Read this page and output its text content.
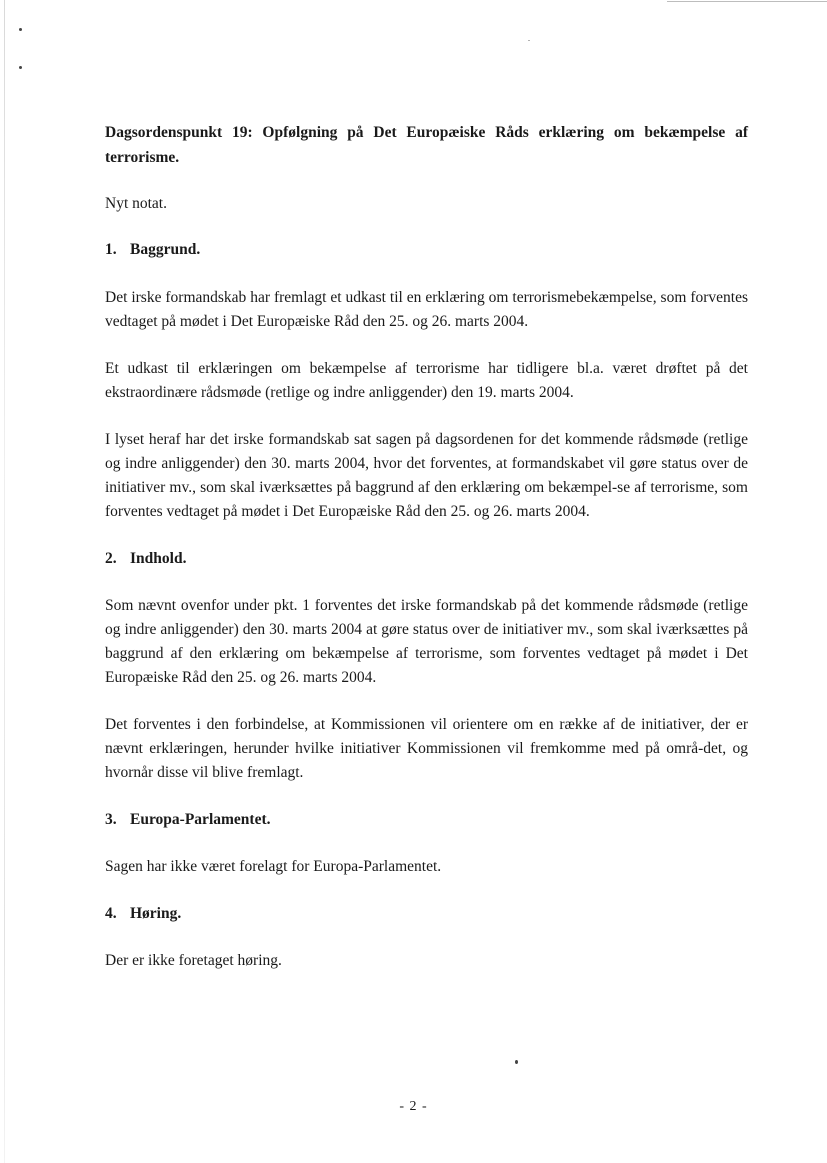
Dagsordenspunkt 19: Opfølgning på Det Europæiske Råds erklæring om bekæmpelse af terrorisme.

Nyt notat.

1. Baggrund.

Det irske formandskab har fremlagt et udkast til en erklæring om terrorismebekæmpelse, som forventes vedtaget på mødet i Det Europæiske Råd den 25. og 26. marts 2004.

Et udkast til erklæringen om bekæmpelse af terrorisme har tidligere bl.a. været drøftet på det ekstraordinære rådsmøde (retlige og indre anliggender) den 19. marts 2004.

I lyset heraf har det irske formandskab sat sagen på dagsordenen for det kommende rådsmøde (retlige og indre anliggender) den 30. marts 2004, hvor det forventes, at formandskabet vil gøre status over de initiativer mv., som skal iværksættes på baggrund af den erklæring om bekæmpel-se af terrorisme, som forventes vedtaget på mødet i Det Europæiske Råd den 25. og 26. marts 2004.

2. Indhold.

Som nævnt ovenfor under pkt. 1 forventes det irske formandskab på det kommende rådsmøde (retlige og indre anliggender) den 30. marts 2004 at gøre status over de initiativer mv., som skal iværksættes på baggrund af den erklæring om bekæmpelse af terrorisme, som forventes vedtaget på mødet i Det Europæiske Råd den 25. og 26. marts 2004.

Det forventes i den forbindelse, at Kommissionen vil orientere om en række af de initiativer, der er nævnt erklæringen, herunder hvilke initiativer Kommissionen vil fremkomme med på områ-det, og hvornår disse vil blive fremlagt.

3. Europa-Parlamentet.

Sagen har ikke været forelagt for Europa-Parlamentet.

4. Høring.

Der er ikke foretaget høring.

- 2 -
